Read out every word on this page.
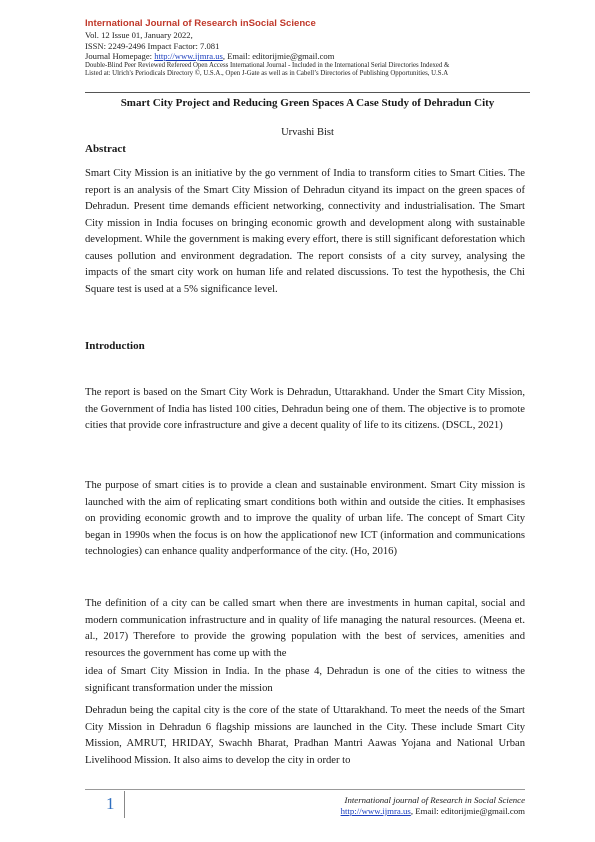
International Journal of Research inSocial Science
Vol. 12 Issue 01, January 2022,
ISSN: 2249-2496 Impact Factor: 7.081
Journal Homepage: http://www.ijmra.us, Email: editorijmie@gmail.com
Double-Blind Peer Reviewed Refereed Open Access International Journal - Included in the International Serial Directories Indexed &
Listed at: Ulrich's Periodicals Directory ©, U.S.A., Open J-Gate as well as in Cabell’s Directories of Publishing Opportunities, U.S.A
Smart City Project and Reducing Green Spaces A Case Study of Dehradun City
Urvashi Bist
Abstract

Smart City Mission is an initiative by the go vernment of India to transform cities to Smart Cities. The report is an analysis of the Smart City Mission of Dehradun cityand its impact on the green spaces of Dehradun. Present time demands efficient networking, connectivity and industrialisation. The Smart City mission in India focuses on bringing economic growth and development along with sustainable development. While the government is making every effort, there is still significant deforestation which causes pollution and environment degradation. The report consists of a city survey, analysing the impacts of the smart city work on human life and related discussions. To test the hypothesis, the Chi Square test is used at a 5% significance level.

Introduction

The report is based on the Smart City Work is Dehradun, Uttarakhand. Under the Smart City Mission, the Government of India has listed 100 cities, Dehradun being one of them. The objective is to promote cities that provide core infrastructure and give a decent quality of life to its citizens. (DSCL, 2021)

The purpose of smart cities is to provide a clean and sustainable environment. Smart City mission is launched with the aim of replicating smart conditions both within and outside the cities. It emphasises on providing economic growth and to improve the quality of urban life. The concept of Smart City began in 1990s when the focus is on how the applicationof new ICT (information and communications technologies) can enhance quality andperformance of the city. (Ho, 2016)

The definition of a city can be called smart when there are investments in human capital, social and modern communication infrastructure and in quality of life managing the natural resources. (Meena et. al., 2017) Therefore to provide the growing population with the best of services, amenities and resources the government has come up with the

idea of Smart City Mission in India. In the phase 4, Dehradun is one of the cities to witness the significant transformation under the mission

Dehradun being the capital city is the core of the state of Uttarakhand. To meet the needs of the Smart City Mission in Dehradun 6 flagship missions are launched in the City. These include Smart City Mission, AMRUT, HRIDAY, Swachh Bharat, Pradhan Mantri Aawas Yojana and National Urban Livelihood Mission. It also aims to develop the city in order to

1	International journal of Research in Social Science
http://www.ijmra.us, Email: editorijmie@gmail.com
